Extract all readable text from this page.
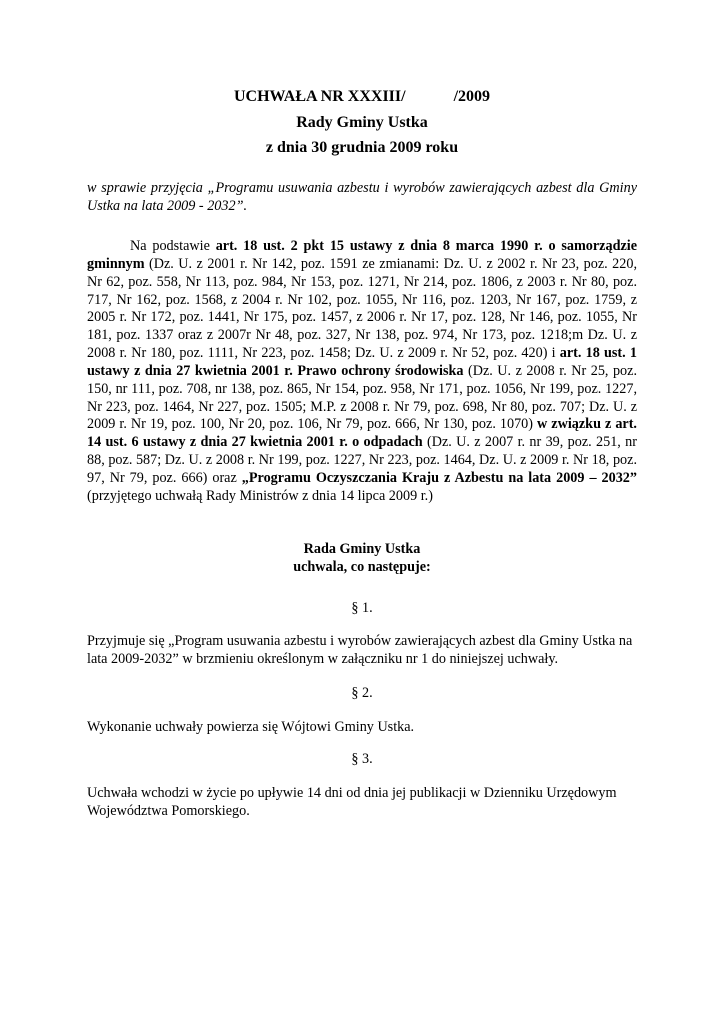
UCHWAŁA NR XXXIII/            /2009
Rady Gminy Ustka
z dnia 30 grudnia 2009 roku
w sprawie przyjęcia „Programu usuwania azbestu i wyrobów zawierających azbest dla Gminy Ustka na lata 2009 - 2032”.
Na podstawie art. 18 ust. 2 pkt 15 ustawy z dnia 8 marca 1990 r. o samorządzie gminnym (Dz. U. z 2001 r. Nr 142, poz. 1591 ze zmianami: Dz. U. z 2002 r. Nr 23, poz. 220, Nr 62, poz. 558, Nr 113, poz. 984, Nr 153, poz. 1271, Nr 214, poz. 1806, z 2003 r. Nr 80, poz. 717, Nr 162, poz. 1568, z 2004 r. Nr 102, poz. 1055, Nr 116, poz. 1203, Nr 167, poz. 1759, z 2005 r. Nr 172, poz. 1441, Nr 175, poz. 1457, z 2006 r. Nr 17, poz. 128, Nr 146, poz. 1055, Nr 181, poz. 1337 oraz z 2007r Nr 48, poz. 327, Nr 138, poz. 974, Nr 173, poz. 1218;m Dz. U. z 2008 r. Nr 180, poz. 1111, Nr 223, poz. 1458; Dz. U. z 2009 r. Nr 52, poz. 420) i art. 18 ust. 1 ustawy z dnia 27 kwietnia 2001 r. Prawo ochrony środowiska (Dz. U. z 2008 r. Nr 25, poz. 150, nr 111, poz. 708, nr 138, poz. 865, Nr 154, poz. 958, Nr 171, poz. 1056, Nr 199, poz. 1227, Nr 223, poz. 1464, Nr 227, poz. 1505; M.P. z 2008 r. Nr 79, poz. 698, Nr 80, poz. 707; Dz. U. z 2009 r. Nr 19, poz. 100, Nr 20, poz. 106, Nr 79, poz. 666, Nr 130, poz. 1070) w związku z art. 14 ust. 6 ustawy z dnia 27 kwietnia 2001 r. o odpadach (Dz. U. z 2007 r. nr 39, poz. 251, nr 88, poz. 587; Dz. U. z 2008 r. Nr 199, poz. 1227, Nr 223, poz. 1464, Dz. U. z 2009 r. Nr 18, poz. 97, Nr 79, poz. 666) oraz „Programu Oczyszczania Kraju z Azbestu na lata 2009 – 2032” (przyjętego uchwałą Rady Ministrów z dnia 14 lipca 2009 r.)
Rada Gminy Ustka
uchwala, co następuje:
§ 1.
Przyjmuje się „Program usuwania azbestu i wyrobów zawierających azbest dla Gminy Ustka na lata 2009-2032” w brzmieniu określonym w załączniku nr 1 do niniejszej uchwały.
§ 2.
Wykonanie uchwały powierza się Wójtowi Gminy Ustka.
§ 3.
Uchwała wchodzi w życie po upływie 14 dni od dnia jej publikacji w Dzienniku Urzędowym Województwa Pomorskiego.
